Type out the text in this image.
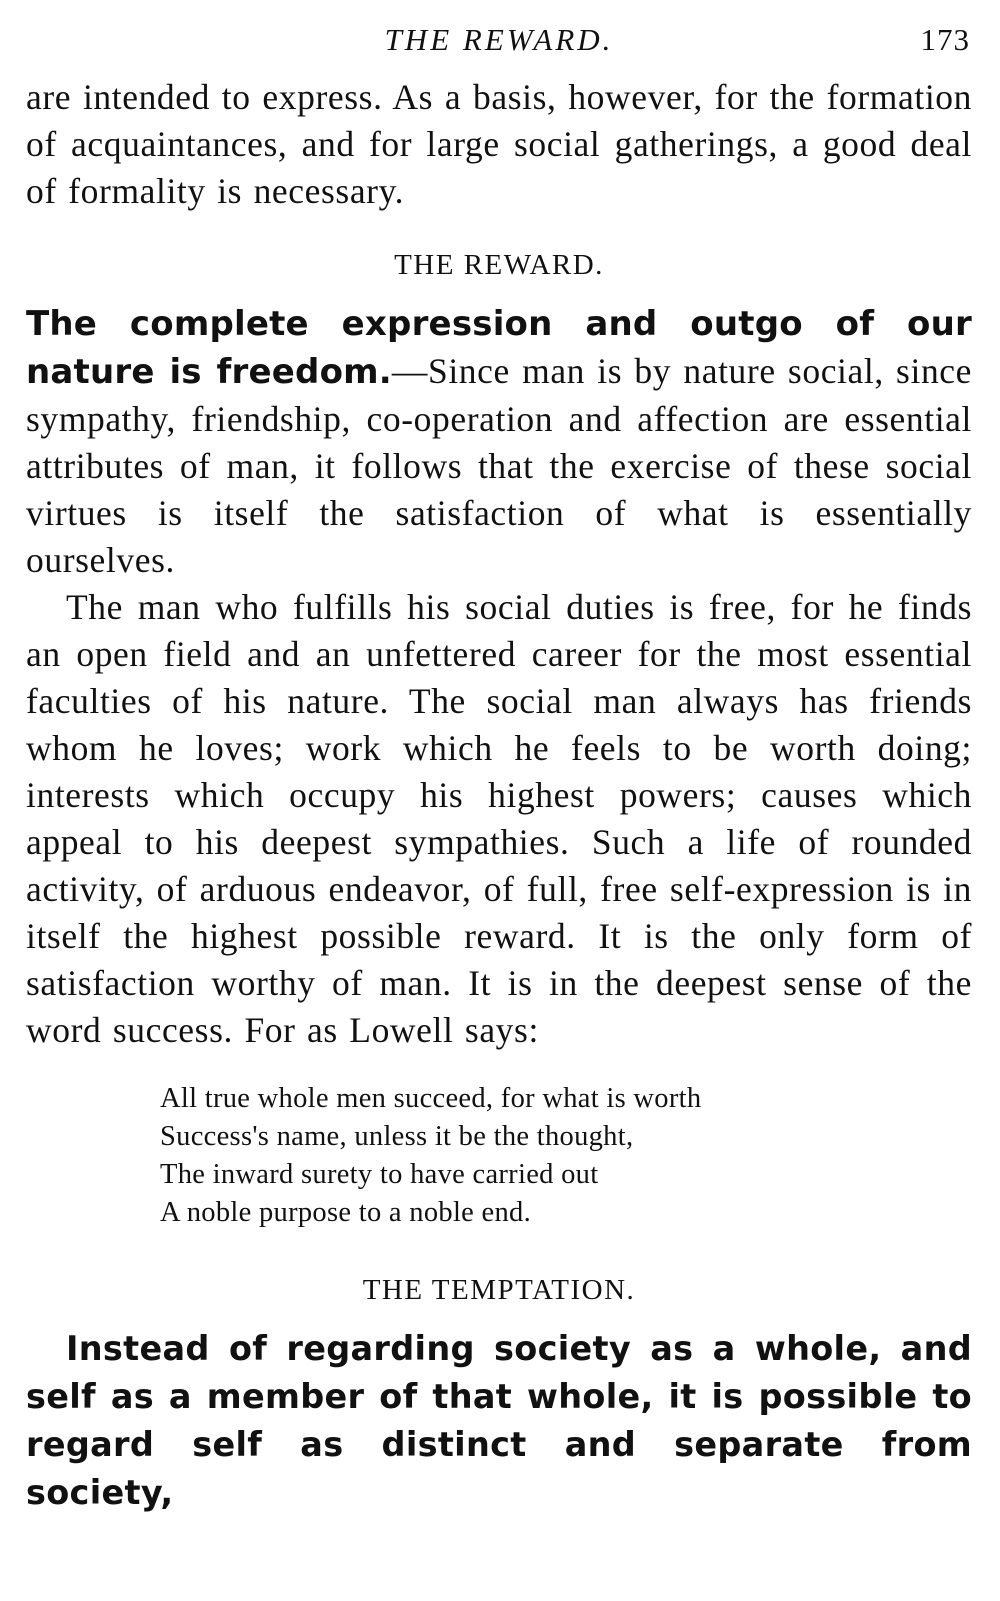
THE REWARD.	173

are intended to express. As a basis, however, for the formation of acquaintances, and for large social gatherings, a good deal of formality is necessary.

THE REWARD.

The complete expression and outgo of our nature is freedom.—Since man is by nature social, since sympathy, friendship, co-operation and affection are essential attributes of man, it follows that the exercise of these social virtues is itself the satisfaction of what is essentially ourselves.

The man who fulfills his social duties is free, for he finds an open field and an unfettered career for the most essential faculties of his nature. The social man always has friends whom he loves; work which he feels to be worth doing; interests which occupy his highest powers; causes which appeal to his deepest sympathies. Such a life of rounded activity, of arduous endeavor, of full, free self-expression is in itself the highest possible reward. It is the only form of satisfaction worthy of man. It is in the deepest sense of the word success. For as Lowell says:

All true whole men succeed, for what is worth
Success's name, unless it be the thought,
The inward surety to have carried out
A noble purpose to a noble end.
THE TEMPTATION.

Instead of regarding society as a whole, and self as a member of that whole, it is possible to regard self as distinct and separate from society,
